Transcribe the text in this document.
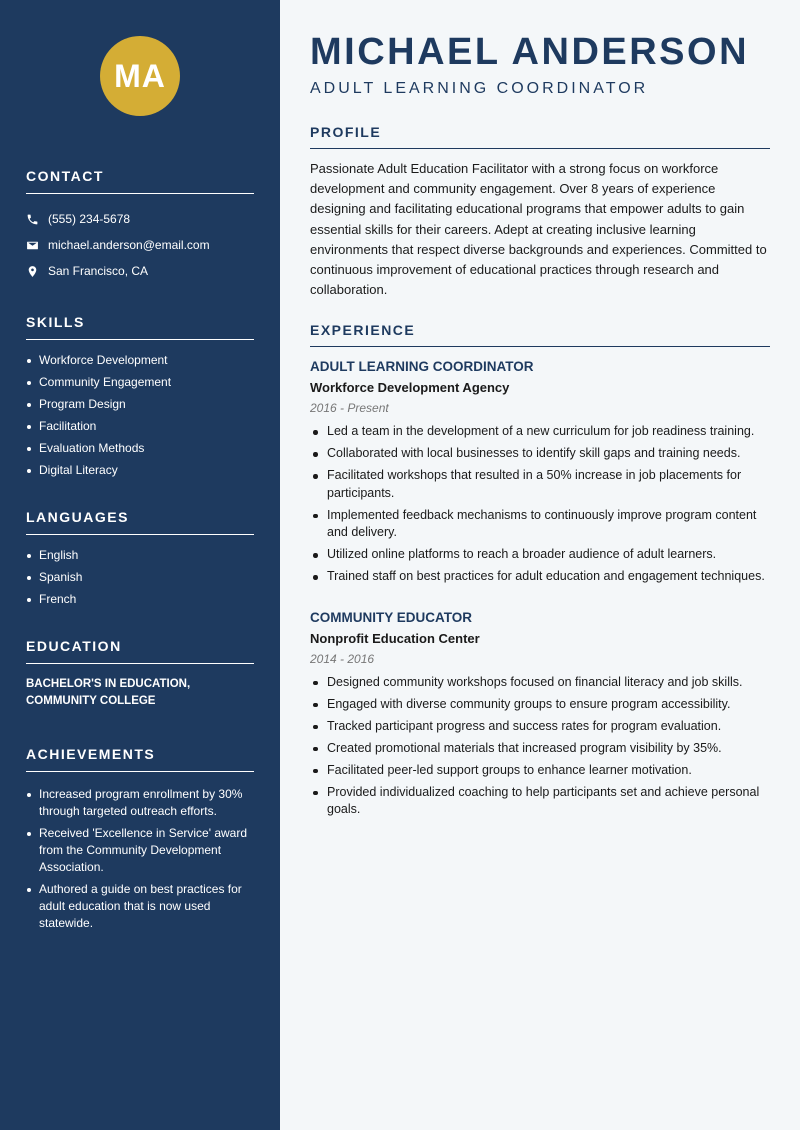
MA
CONTACT
(555) 234-5678
michael.anderson@email.com
San Francisco, CA
SKILLS
Workforce Development
Community Engagement
Program Design
Facilitation
Evaluation Methods
Digital Literacy
LANGUAGES
English
Spanish
French
EDUCATION

BACHELOR'S IN EDUCATION, COMMUNITY COLLEGE

ACHIEVEMENTS
Increased program enrollment by 30% through targeted outreach efforts.
Received 'Excellence in Service' award from the Community Development Association.
Authored a guide on best practices for adult education that is now used statewide.
MICHAEL ANDERSON
ADULT LEARNING COORDINATOR
PROFILE

Passionate Adult Education Facilitator with a strong focus on workforce development and community engagement. Over 8 years of experience designing and facilitating educational programs that empower adults to gain essential skills for their careers. Adept at creating inclusive learning environments that respect diverse backgrounds and experiences. Committed to continuous improvement of educational practices through research and collaboration.

EXPERIENCE
ADULT LEARNING COORDINATOR
Workforce Development Agency
2016 - Present
Led a team in the development of a new curriculum for job readiness training.
Collaborated with local businesses to identify skill gaps and training needs.
Facilitated workshops that resulted in a 50% increase in job placements for participants.
Implemented feedback mechanisms to continuously improve program content and delivery.
Utilized online platforms to reach a broader audience of adult learners.
Trained staff on best practices for adult education and engagement techniques.
COMMUNITY EDUCATOR
Nonprofit Education Center
2014 - 2016
Designed community workshops focused on financial literacy and job skills.
Engaged with diverse community groups to ensure program accessibility.
Tracked participant progress and success rates for program evaluation.
Created promotional materials that increased program visibility by 35%.
Facilitated peer-led support groups to enhance learner motivation.
Provided individualized coaching to help participants set and achieve personal goals.
